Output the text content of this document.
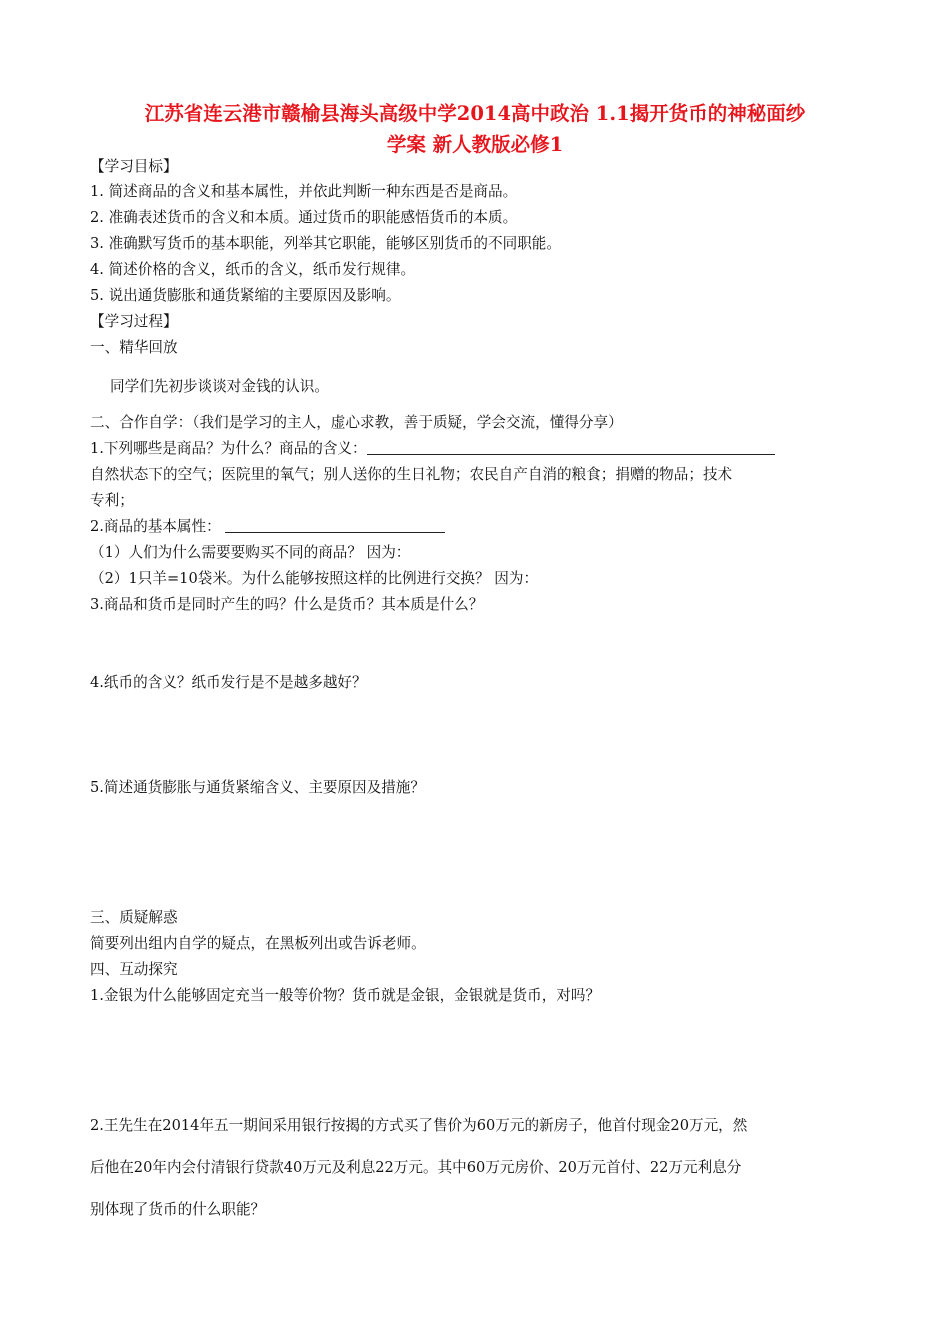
江苏省连云港市赣榆县海头高级中学2014高中政治 1.1揭开货币的神秘面纱
学案 新人教版必修1
【学习目标】
1. 简述商品的含义和基本属性，并依此判断一种东西是否是商品。
2. 准确表述货币的含义和本质。通过货币的职能感悟货币的本质。
3. 准确默写货币的基本职能，列举其它职能，能够区别货币的不同职能。
4. 简述价格的含义，纸币的含义，纸币发行规律。
5. 说出通货膨胀和通货紧缩的主要原因及影响。
【学习过程】
一、精华回放
同学们先初步谈谈对金钱的认识。
二、合作自学：（我们是学习的主人，虚心求教，善于质疑，学会交流，懂得分享）
1.下列哪些是商品？为什么？商品的含义：
自然状态下的空气；医院里的氧气；别人送你的生日礼物；农民自产自消的粮食；捐赠的物品；技术
专利；
2.商品的基本属性：
（1）人们为什么需要要购买不同的商品？ 因为：
（2）1只羊=10袋米。为什么能够按照这样的比例进行交换？ 因为：
3.商品和货币是同时产生的吗？什么是货币？其本质是什么？
4.纸币的含义？纸币发行是不是越多越好？
5.简述通货膨胀与通货紧缩含义、主要原因及措施？
三、质疑解惑
简要列出组内自学的疑点，在黑板列出或告诉老师。
四、互动探究
1.金银为什么能够固定充当一般等价物？货币就是金银，金银就是货币，对吗？
2.王先生在2014年五一期间采用银行按揭的方式买了售价为60万元的新房子，他首付现金20万元，然
后他在20年内会付清银行贷款40万元及利息22万元。其中60万元房价、20万元首付、22万元利息分
别体现了货币的什么职能？
